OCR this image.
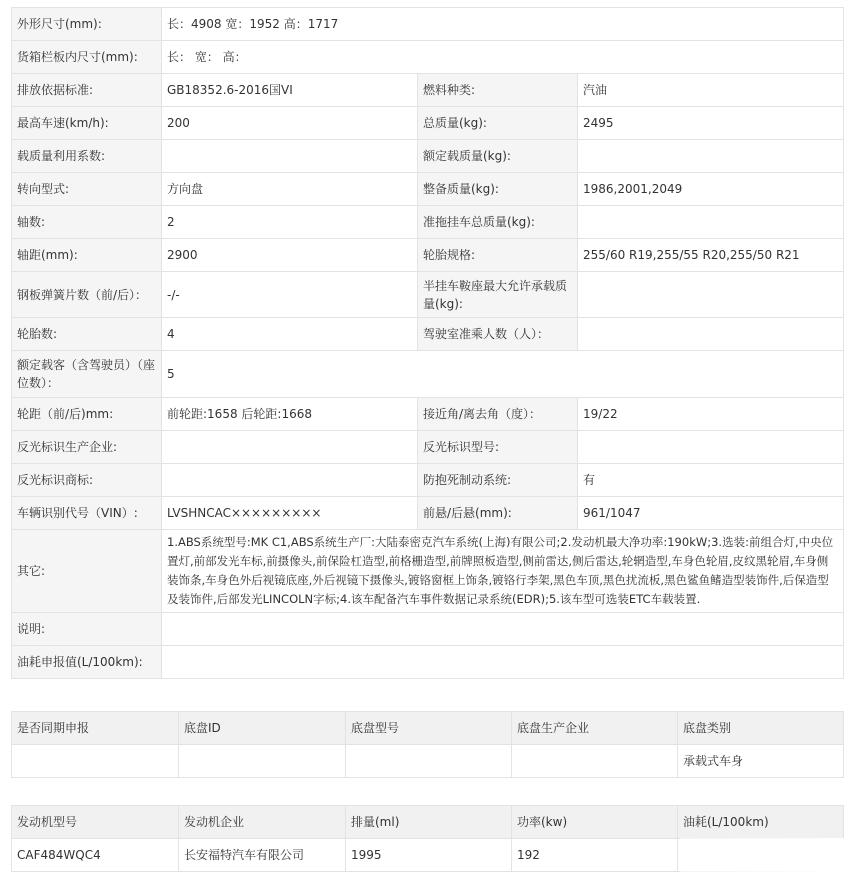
外形尺寸(mm):	长：4908 宽：1952 高：1717		
货箱栏板内尺寸(mm):	长： 宽： 高：		
排放依据标准:	GB18352.6-2016国VI	燃料种类:	汽油
最高车速(km/h):	200	总质量(kg):	2495
载质量利用系数:		额定载质量(kg):	
转向型式:	方向盘	整备质量(kg):	1986,2001,2049
轴数:	2	准拖挂车总质量(kg):	
轴距(mm):	2900	轮胎规格:	255/60 R19,255/55 R20,255/50 R21
钢板弹簧片数（前/后）：	-/-	半挂车鞍座最大允许承载质量(kg):	
轮胎数:	4	驾驶室准乘人数（人）：	
额定载客（含驾驶员）（座位数）：	5		
轮距（前/后)mm:	前轮距:1658 后轮距:1668	接近角/离去角（度）：	19/22
反光标识生产企业:		反光标识型号:	
反光标识商标:		防抱死制动系统:	有
车辆识别代号（VIN）:	LVSHNCAC×××××××××	前悬/后悬(mm):	961/1047
其它:	1.ABS系统型号:MK C1,ABS系统生产厂:大陆泰密克汽车系统(上海)有限公司;2.发动机最大净功率:190kW;3.选装:前组合灯,中央位置灯,前部发光车标,前摄像头,前保险杠造型,前格栅造型,前牌照板造型,侧前雷达,侧后雷达,轮辋造型,车身色轮眉,皮纹黑轮眉,车身侧装饰条,车身色外后视镜底座,外后视镜下摄像头,镀铬窗框上饰条,镀铬行李架,黑色车顶,黑色扰流板,黑色鲨鱼鳍造型装饰件,后保造型及装饰件,后部发光LINCOLN字标;4.该车配备汽车事件数据记录系统(EDR);5.该车型可选装ETC车载装置.		
说明:			
油耗申报值(L/100km):			
是否同期申报	底盘ID	底盘型号	底盘生产企业	底盘类别
				承载式车身
发动机型号	发动机企业	排量(ml)	功率(kw)	油耗(L/100km)
CAF484WQC4	长安福特汽车有限公司	1995	192	
